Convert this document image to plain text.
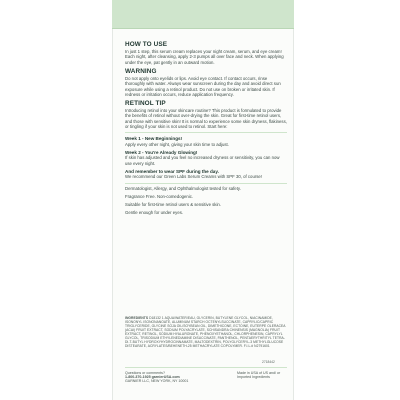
HOW TO USE
In just 1 step, this serum cream replaces your night cream, serum, and eye cream! Each night, after cleansing, apply 2-3 pumps all over face and neck. When applying under the eye, pat gently in an outward motion.
WARNING
Do not apply onto eyelids or lips. Avoid eye contact. If contact occurs, rinse thoroughly with water. Always wear sunscreen during the day and avoid direct sun exposure while using a retinol product. Do not use on broken or irritated skin. If redness or irritation occurs, reduce application frequency.
RETINOL TIP
Introducing retinol into your skincare routine? This product is formulated to provide the benefits of retinol without over-drying the skin. Great for first-time retinol users, and those with sensitive skin! It is normal to experience some skin dryness, flakiness, or tingling if your skin is not used to retinol. Start here:
Week 1 - New Beginnings!
Apply every other night, giving your skin time to adjust.
Week 2 - You're Already Glowing!
If skin has adjusted and you feel no increased dryness or sensitivity, you can now use every night.
And remember to wear SPF during the day.
We recommend our Green Labs Serum Creams with SPF 30, of course!
Dermatologist, Allergy, and Ophthalmologist tested for safety.
Fragrance Free. Non-comedogenic.
Suitable for first-time retinol users & sensitive skin.
Gentle enough for under eyes.
INGREDIENTS D18132 1 AQUA/WATER/EAU, GLYCERIN, BUTYLENE GLYCOL, NIACINAMIDE, ISONONYL ISONONANOATE, ALUMINUM STARCH OCTENYLSUCCINATE, CAPRYLIC/CAPRIC TRIGLYCERIDE, GLYCINE SOJA OIL/SOYBEAN OIL, DIMETHICONE, ECTOINE, EUTERPE OLERACEA (ACAI) FRUIT EXTRACT, SODIUM POLYACRYLATE, SCHISANDRA CHINENSIS (MAGNOLIA) FRUIT EXTRACT, RETINOL, SODIUM HYALURONATE, PHENOXYETHANOL, CHLORPHENESIN, CAPRYLYL GLYCOL, TRISODIUM ETHYLENEDIAMINE DISUCCINATE, PANTHENOL, PENTAERYTHRITYL TETRA-DI-T-BUTYL HYDROXYHYDROCINNAMATE, MALTODEXTRIN, POLYGLYCERYL-3 METHYLGLUCOSE DISTEARATE, ACRYLATES/BEHENETH-25 METHACRYLATE COPOLYMER. F.I.L.# N2791601
2718442
Questions or comments?
1-800-370-1925 garnierUSA.com
GARNIER LLC, NEW YORK, NY 10001
Made in USA of US and/ or Imported Ingredients
